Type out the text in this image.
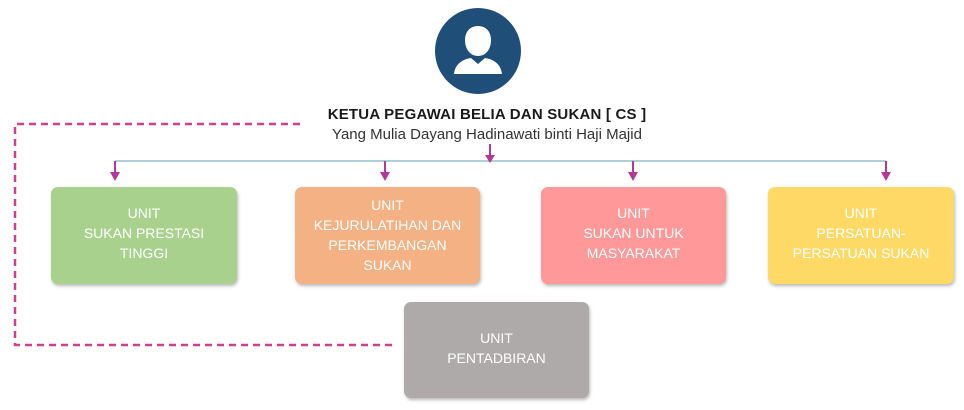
KETUA PEGAWAI BELIA DAN SUKAN [ CS ]
Yang Mulia Dayang Hadinawati binti Haji Majid
UNIT
SUKAN PRESTASI
TINGGI
UNIT
KEJURULATIHAN DAN
PERKEMBANGAN
SUKAN
UNIT
SUKAN UNTUK
MASYARAKAT
UNIT
PERSATUAN-
PERSATUAN SUKAN
UNIT
PENTADBIRAN
